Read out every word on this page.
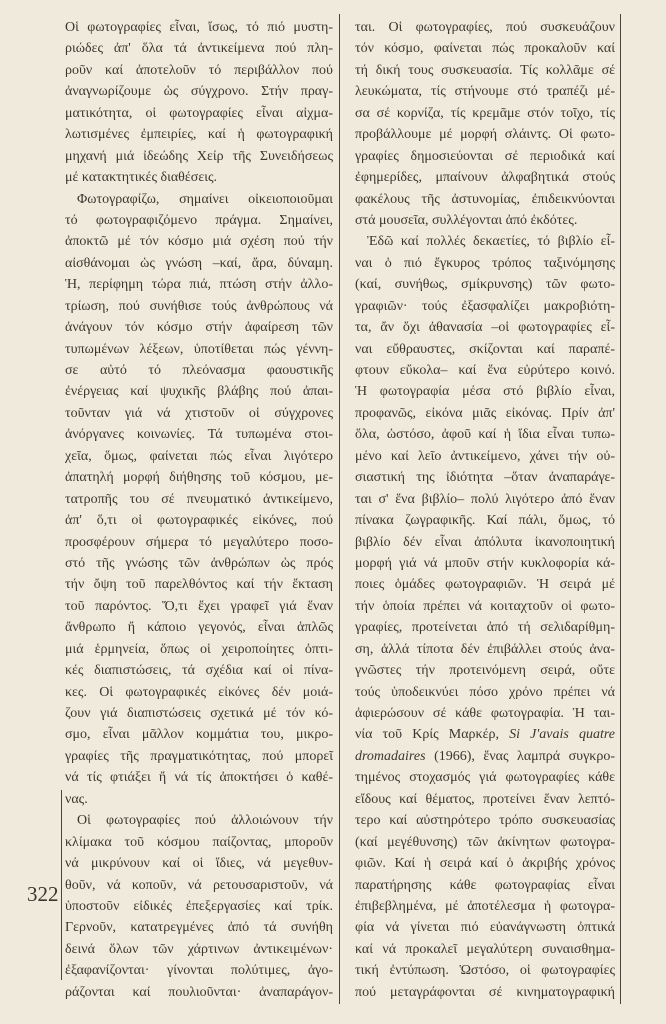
322
Οἱ φωτογραφίες εἶναι, ἴσως, τό πιό μυστη-
ριώδες ἀπ' ὅλα τά ἀντικείμενα πού πλη-
ροῦν καί ἀποτελοῦν τό περιβάλλον πού
ἀναγνωρίζουμε ὡς σύγχρονο. Στήν πραγ-
ματικότητα, οἱ φωτογραφίες εἶναι αἰχμα-
λωτισμένες ἐμπειρίες, καί ἡ φωτογραφική
μηχανή μιά ἰδεώδης Χείρ τῆς Συνειδήσεως
μέ κατακτητικές διαθέσεις.
Φωτογραφίζω, σημαίνει οἰκειοποιοῦμαι
τό φωτογραφιζόμενο πράγμα. Σημαίνει,
ἀποκτῶ μέ τόν κόσμο μιά σχέση πού τήν
αἰσθάνομαι ὡς γνώση –καί, ἄρα, δύναμη.
Ἡ, περίφημη τώρα πιά, πτώση στήν ἀλλο-
τρίωση, πού συνήθισε τούς ἀνθρώπους νά
ἀνάγουν τόν κόσμο στήν ἀφαίρεση τῶν
τυπωμένων λέξεων, ὑποτίθεται πώς γέννη-
σε αὐτό τό πλεόνασμα φαουστικῆς
ἐνέργειας καί ψυχικῆς βλάβης πού ἀπαι-
τοῦνταν γιά νά χτιστοῦν οἱ σύγχρονες
ἀνόργανες κοινωνίες. Τά τυπωμένα στοι-
χεῖα, ὅμως, φαίνεται πώς εἶναι λιγότερο
ἀπατηλή μορφή διήθησης τοῦ κόσμου, με-
τατροπῆς του σέ πνευματικό ἀντικείμενο,
ἀπ' ὅ,τι οἱ φωτογραφικές εἰκόνες, πού
προσφέρουν σήμερα τό μεγαλύτερο ποσο-
στό τῆς γνώσης τῶν ἀνθρώπων ὡς πρός
τήν ὄψη τοῦ παρελθόντος καί τήν ἔκταση
τοῦ παρόντος. Ὅ,τι ἔχει γραφεῖ γιά ἕναν
ἄνθρωπο ἤ κάποιο γεγονός, εἶναι ἁπλῶς
μιά ἑρμηνεία, ὅπως οἱ χειροποίητες ὀπτι-
κές διαπιστώσεις, τά σχέδια καί οἱ πίνα-
κες. Οἱ φωτογραφικές εἰκόνες δέν μοιά-
ζουν γιά διαπιστώσεις σχετικά μέ τόν κό-
σμο, εἶναι μᾶλλον κομμάτια του, μικρο-
γραφίες τῆς πραγματικότητας, πού μπορεῖ
νά τίς φτιάξει ἤ νά τίς ἀποκτήσει ὁ καθέ-
νας.
Οἱ φωτογραφίες πού ἀλλοιώνουν τήν
κλίμακα τοῦ κόσμου παίζοντας, μποροῦν
νά μικρύνουν καί οἱ ἴδιες, νά μεγεθυν-
θοῦν, νά κοποῦν, νά ρετουσαριστοῦν, νά
ὑποστοῦν εἰδικές ἐπεξεργασίες καί τρίκ.
Γερνοῦν, κατατρεγμένες ἀπό τά συνήθη
δεινά ὅλων τῶν χάρτινων ἀντικειμένων·
ἐξαφανίζονται· γίνονται πολύτιμες, ἀγο-
ράζονται καί πουλιοῦνται· ἀναπαράγον-
ται. Οἱ φωτογραφίες, πού συσκευάζουν
τόν κόσμο, φαίνεται πώς προκαλοῦν καί
τή δική τους συσκευασία. Τίς κολλᾶμε σέ
λευκώματα, τίς στήνουμε στό τραπέζι μέ-
σα σέ κορνίζα, τίς κρεμᾶμε στόν τοῖχο, τίς
προβάλλουμε μέ μορφή σλάιντς. Οἱ φωτο-
γραφίες δημοσιεύονται σέ περιοδικά καί
ἐφημερίδες, μπαίνουν ἀλφαβητικά στούς
φακέλους τῆς ἀστυνομίας, ἐπιδεικνύονται
στά μουσεῖα, συλλέγονται ἀπό ἐκδότες.
Ἐδῶ καί πολλές δεκαετίες, τό βιβλίο εἶ-
ναι ὁ πιό ἔγκυρος τρόπος ταξινόμησης
(καί, συνήθως, σμίκρυνσης) τῶν φωτο-
γραφιῶν· τούς ἐξασφαλίζει μακροβιότη-
τα, ἄν ὄχι ἀθανασία –οἱ φωτογραφίες εἶ-
ναι εὔθραυστες, σκίζονται καί παραπέ-
φτουν εὔκολα– καί ἕνα εὐρύτερο κοινό.
Ἡ φωτογραφία μέσα στό βιβλίο εἶναι,
προφανῶς, εἰκόνα μιᾶς εἰκόνας. Πρίν ἀπ'
ὅλα, ὡστόσο, ἀφοῦ καί ἡ ἴδια εἶναι τυπω-
μένο καί λεῖο ἀντικείμενο, χάνει τήν οὐ-
σιαστική της ἰδιότητα –ὅταν ἀναπαράγε-
ται σ' ἕνα βιβλίο– πολύ λιγότερο ἀπό ἕναν
πίνακα ζωγραφικῆς. Καί πάλι, ὅμως, τό
βιβλίο δέν εἶναι ἀπόλυτα ἱκανοποιητική
μορφή γιά νά μποῦν στήν κυκλοφορία κά-
ποιες ὁμάδες φωτογραφιῶν. Ἡ σειρά μέ
τήν ὁποία πρέπει νά κοιταχτοῦν οἱ φωτο-
γραφίες, προτείνεται ἀπό τή σελιδαρίθμη-
ση, ἀλλά τίποτα δέν ἐπιβάλλει στούς ἀνα-
γνῶστες τήν προτεινόμενη σειρά, οὔτε
τούς ὑποδεικνύει πόσο χρόνο πρέπει νά
ἀφιερώσουν σέ κάθε φωτογραφία. Ἡ ται-
νία τοῦ Κρίς Μαρκέρ, Si J'avais quatre
dromadaires (1966), ἕνας λαμπρά συγκρο-
τημένος στοχασμός γιά φωτογραφίες κάθε
εἴδους καί θέματος, προτείνει ἕναν λεπτό-
τερο καί αὐστηρότερο τρόπο συσκευασίας
(καί μεγέθυνσης) τῶν ἀκίνητων φωτογρα-
φιῶν. Καί ἡ σειρά καί ὁ ἀκριβής χρόνος
παρατήρησης κάθε φωτογραφίας εἶναι
ἐπιβεβλημένα, μέ ἀποτέλεσμα ἡ φωτογρα-
φία νά γίνεται πιό εὐανάγνωστη ὀπτικά
καί νά προκαλεῖ μεγαλύτερη συναισθημα-
τική ἐντύπωση. Ὡστόσο, οἱ φωτογραφίες
πού μεταγράφονται σέ κινηματογραφική
